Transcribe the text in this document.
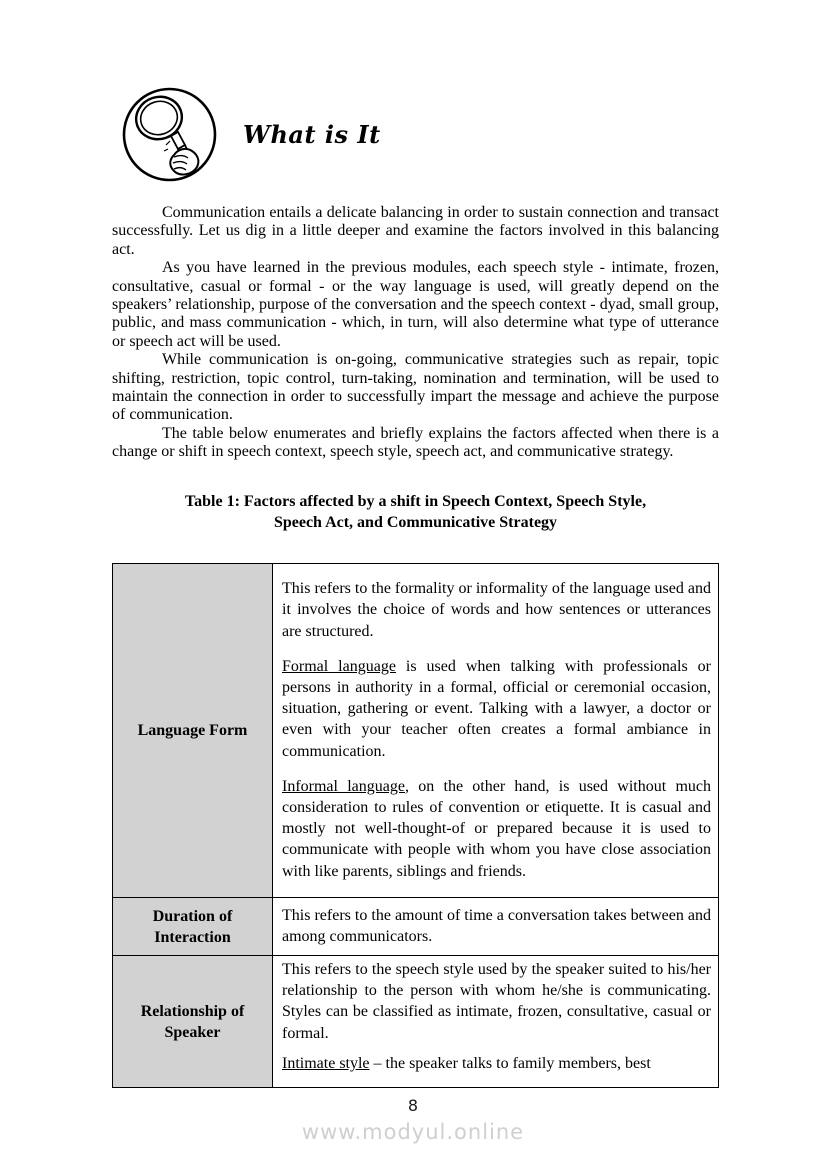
What is It

Communication entails a delicate balancing in order to sustain connection and transact successfully. Let us dig in a little deeper and examine the factors involved in this balancing act.

As you have learned in the previous modules, each speech style - intimate, frozen, consultative, casual or formal - or the way language is used, will greatly depend on the speakers’ relationship, purpose of the conversation and the speech context - dyad, small group, public, and mass communication - which, in turn, will also determine what type of utterance or speech act will be used.

While communication is on-going, communicative strategies such as repair, topic shifting, restriction, topic control, turn-taking, nomination and termination, will be used to maintain the connection in order to successfully impart the message and achieve the purpose of communication.

The table below enumerates and briefly explains the factors affected when there is a change or shift in speech context, speech style, speech act, and communicative strategy.

Table 1: Factors affected by a shift in Speech Context, Speech Style,
Speech Act, and Communicative Strategy
Language Form	This refers to the formality or informality of the language used and it involves the choice of words and how sentences or utterances are structured.

Formal language is used when talking with professionals or persons in authority in a formal, official or ceremonial occasion, situation, gathering or event. Talking with a lawyer, a doctor or even with your teacher often creates a formal ambiance in communication.

Informal language, on the other hand, is used without much consideration to rules of convention or etiquette. It is casual and mostly not well-thought-of or prepared because it is used to communicate with people with whom you have close association with like parents, siblings and friends.

Duration of Interaction	This refers to the amount of time a conversation takes between and among communicators.

Relationship of Speaker	This refers to the speech style used by the speaker suited to his/her relationship to the person with whom he/she is communicating. Styles can be classified as intimate, frozen, consultative, casual or formal.

Intimate style – the speaker talks to family members, best

8
www.modyul.online
